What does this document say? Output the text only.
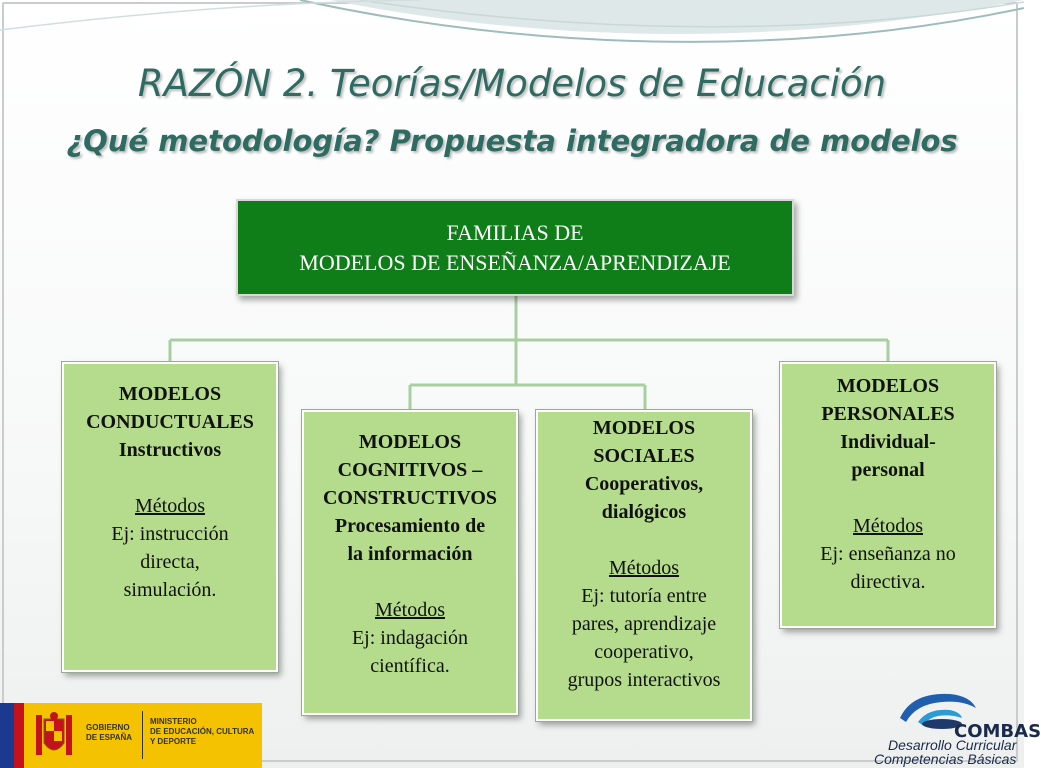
RAZÓN 2. Teorías/Modelos de Educación
¿Qué metodología? Propuesta integradora de modelos
FAMILIAS DE
MODELOS DE ENSEÑANZA/APRENDIZAJE
MODELOS
CONDUCTUALES
Instructivos
Métodos
Ej: instrucción
directa,
simulación.
MODELOS
COGNITIVOS –
CONSTRUCTIVOS
Procesamiento de
la información
Métodos
Ej: indagación
científica.
MODELOS
SOCIALES
Cooperativos,
dialógicos
Métodos
Ej: tutoría entre
pares, aprendizaje
cooperativo,
grupos interactivos
MODELOS
PERSONALES
Individual-
personal
Métodos
Ej: enseñanza no
directiva.
GOBIERNO
DE ESPAÑA
MINISTERIO
DE EDUCACIÓN, CULTURA
Y DEPORTE	COMBAS
Desarrollo Curricular
Competencias Básicas
